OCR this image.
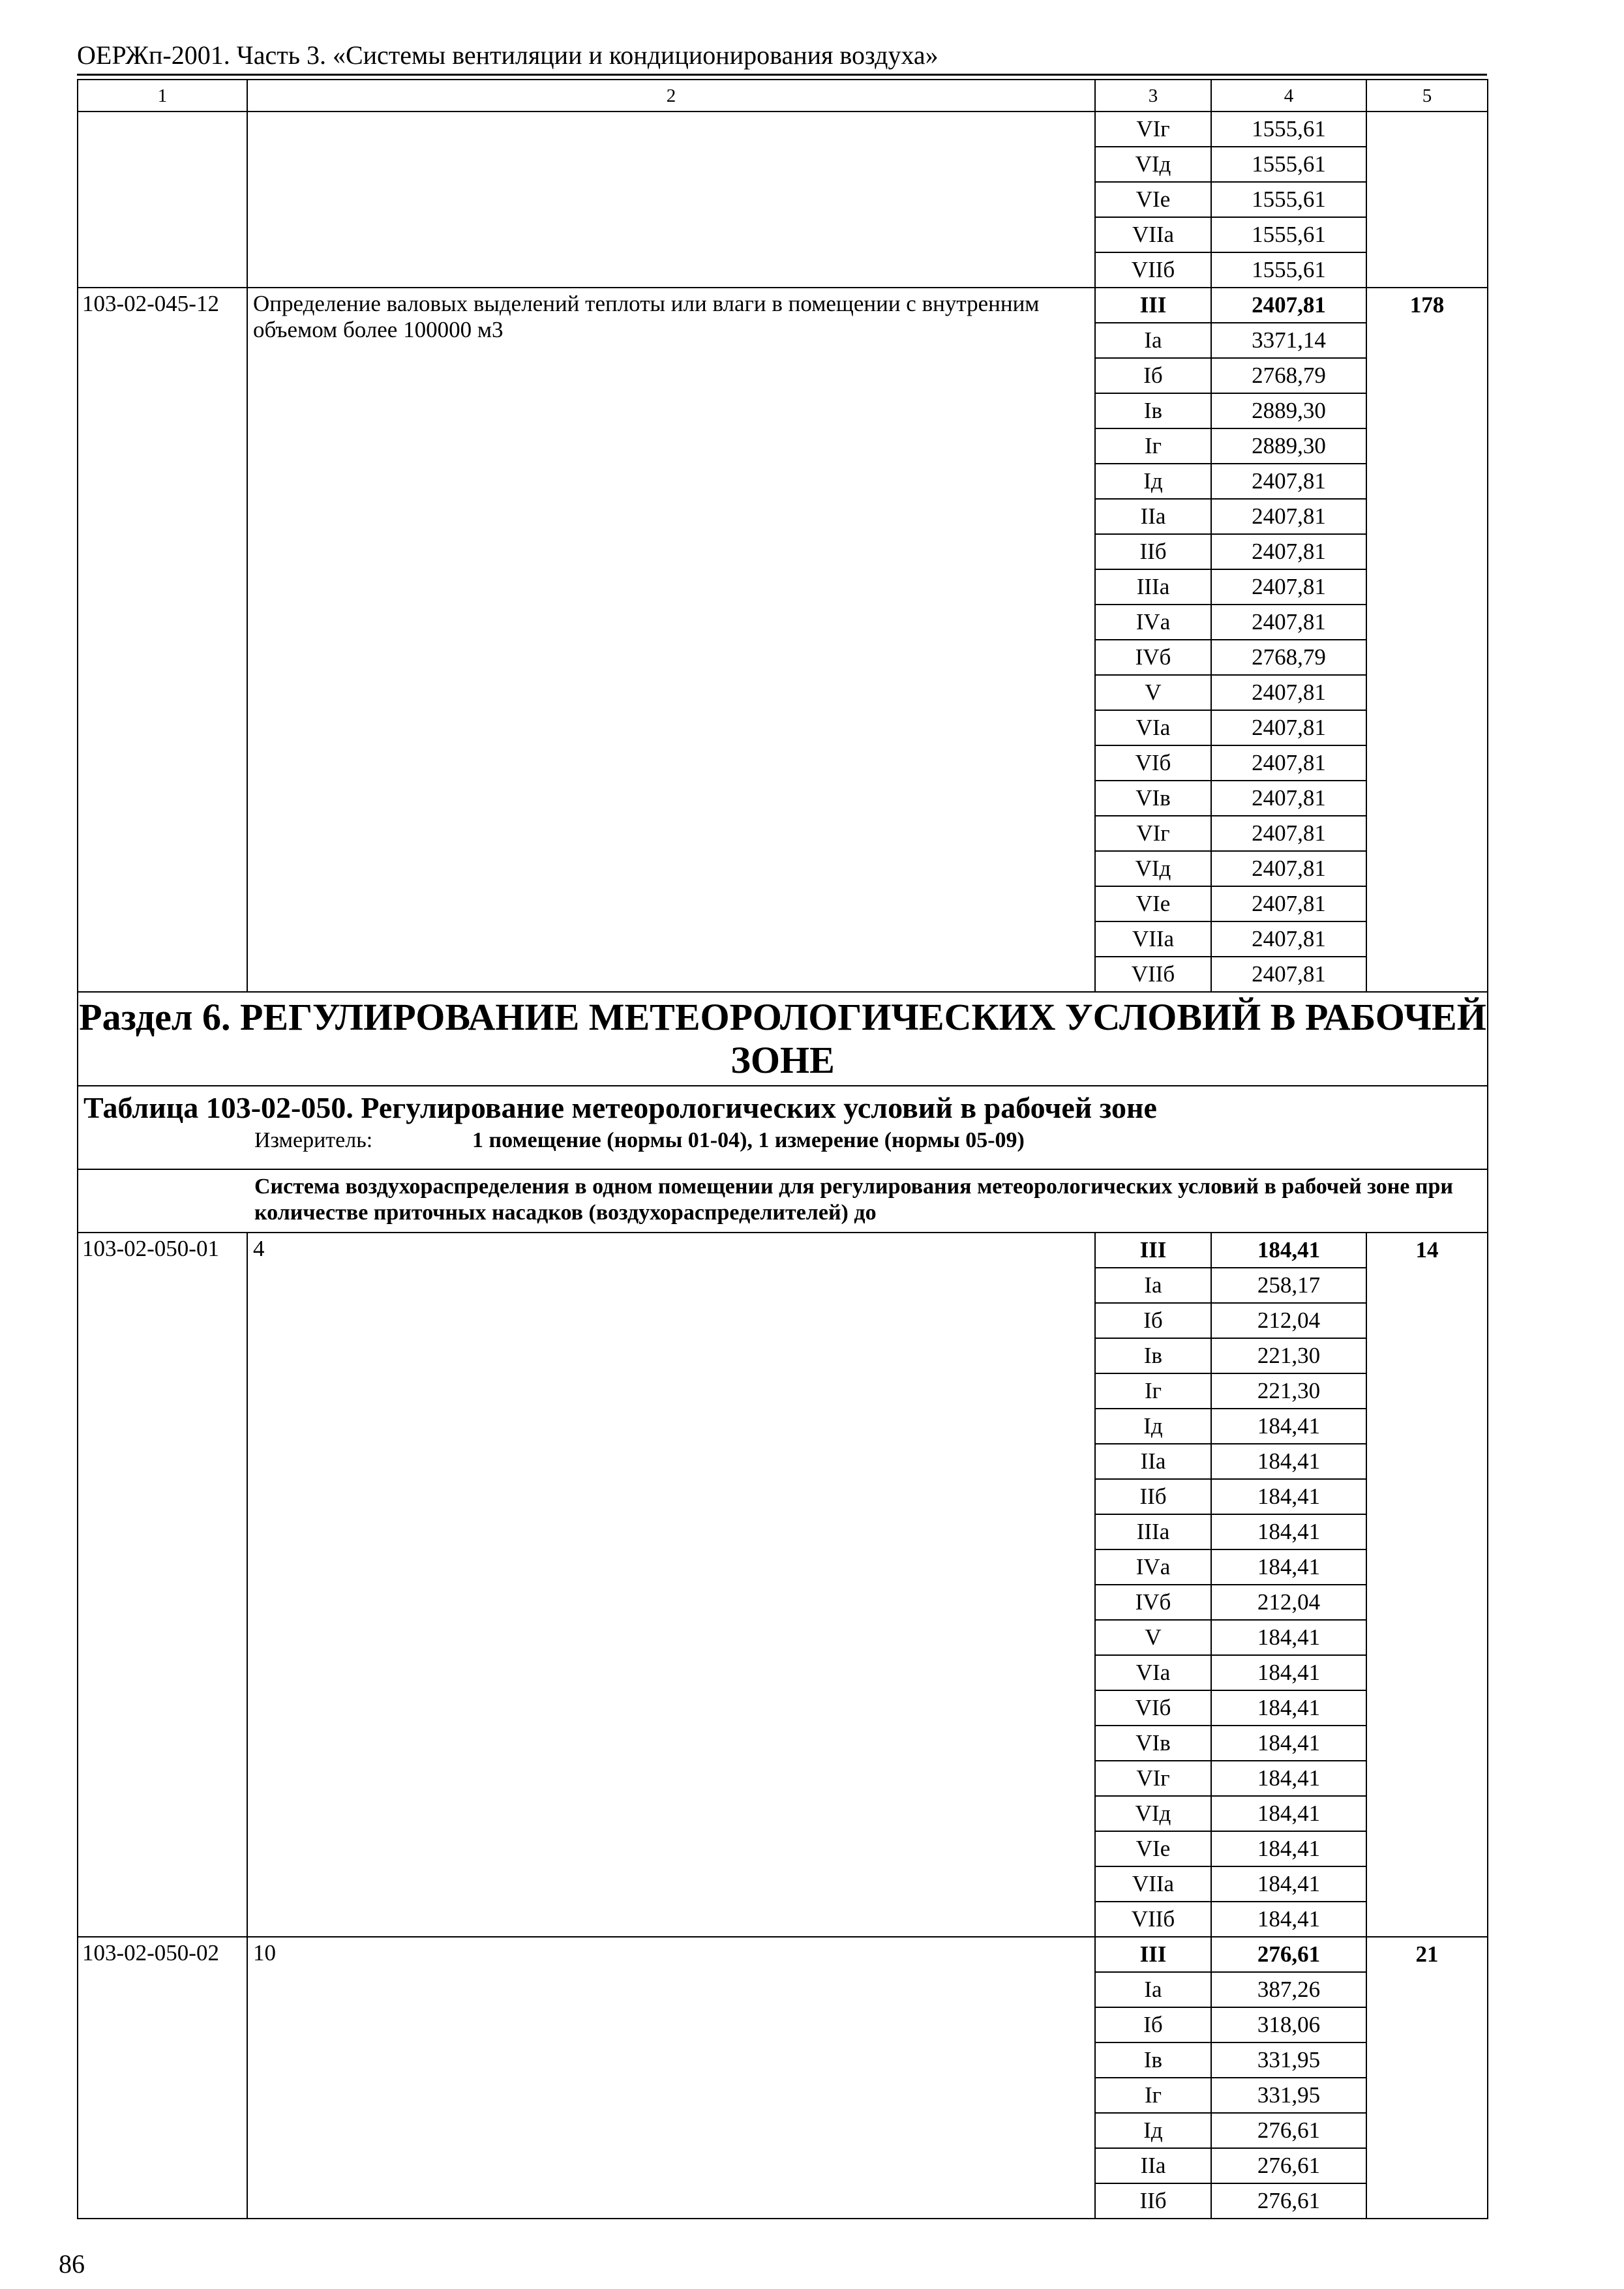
ОЕРЖп-2001. Часть 3. «Системы вентиляции и кондиционирования воздуха»
1	2	3	4	5
		VIг	1555,61	
		VIд	1555,61	
		VIе	1555,61	
		VIIа	1555,61	
		VIIб	1555,61	
103-02-045-12	Определение валовых выделений теплоты или влаги в помещении с внутренним объемом более 100000 м3	III	2407,81	178
		Iа	3371,14	
		Iб	2768,79	
		Iв	2889,30	
		Iг	2889,30	
		Iд	2407,81	
		IIа	2407,81	
		IIб	2407,81	
		IIIа	2407,81	
		IVа	2407,81	
		IVб	2768,79	
		V	2407,81	
		VIа	2407,81	
		VIб	2407,81	
		VIв	2407,81	
		VIг	2407,81	
		VIд	2407,81	
		VIе	2407,81	
		VIIа	2407,81	
		VIIб	2407,81	
Раздел 6. РЕГУЛИРОВАНИЕ МЕТЕОРОЛОГИЧЕСКИХ УСЛОВИЙ В РАБОЧЕЙ ЗОНЕ				

Таблица 103-02-050. Регулирование метеорологических условий в рабочей зоне
Измеритель: 1 помещение (нормы 01-04), 1 измерение (нормы 05-09)				

Система воздухораспределения в одном помещении для регулирования метеорологических условий в рабочей зоне при количестве приточных насадков (воздухораспределителей) до				
103-02-050-01	4	III	184,41	14
		Iа	258,17	
		Iб	212,04	
		Iв	221,30	
		Iг	221,30	
		Iд	184,41	
		IIа	184,41	
		IIб	184,41	
		IIIа	184,41	
		IVа	184,41	
		IVб	212,04	
		V	184,41	
		VIа	184,41	
		VIб	184,41	
		VIв	184,41	
		VIг	184,41	
		VIд	184,41	
		VIе	184,41	
		VIIа	184,41	
		VIIб	184,41	
103-02-050-02	10	III	276,61	21
		Iа	387,26	
		Iб	318,06	
		Iв	331,95	
		Iг	331,95	
		Iд	276,61	
		IIа	276,61	
		IIб	276,61	
86
